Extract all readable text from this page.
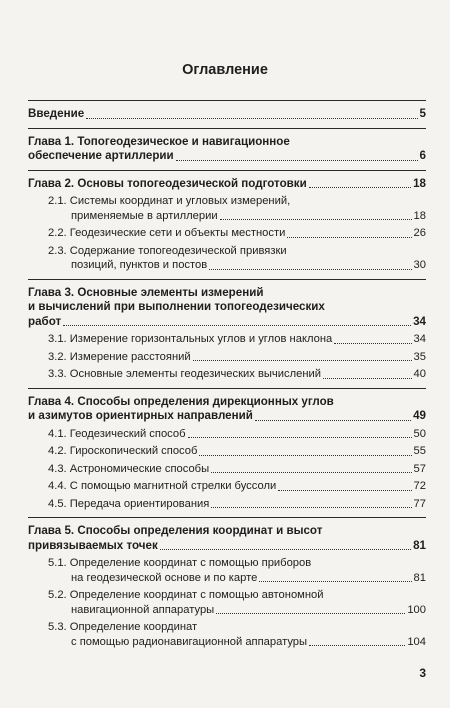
Оглавление
Введение	5
Глава 1. Топогеодезическое и навигационное
обеспечение артиллерии	6
Глава 2. Основы топогеодезической подготовки	18
2.1. Системы координат и угловых измерений,
применяемые в артиллерии	18
2.2. Геодезические сети и объекты местности	26
2.3. Содержание топогеодезической привязки
позиций, пунктов и постов	30
Глава 3. Основные элементы измерений
и вычислений при выполнении топогеодезических
работ	34
3.1. Измерение горизонтальных углов и углов наклона	34
3.2. Измерение расстояний	35
3.3. Основные элементы геодезических вычислений	40
Глава 4. Способы определения дирекционных углов
и азимутов ориентирных направлений	49
4.1. Геодезический способ	50
4.2. Гироскопический способ	55
4.3. Астрономические способы	57
4.4. С помощью магнитной стрелки буссоли	72
4.5. Передача ориентирования	77
Глава 5. Способы определения координат и высот
привязываемых точек	81
5.1. Определение координат с помощью приборов
на геодезической основе и по карте	81
5.2. Определение координат с помощью автономной
навигационной аппаратуры	100
5.3. Определение координат
с помощью радионавигационной аппаратуры	104
3
